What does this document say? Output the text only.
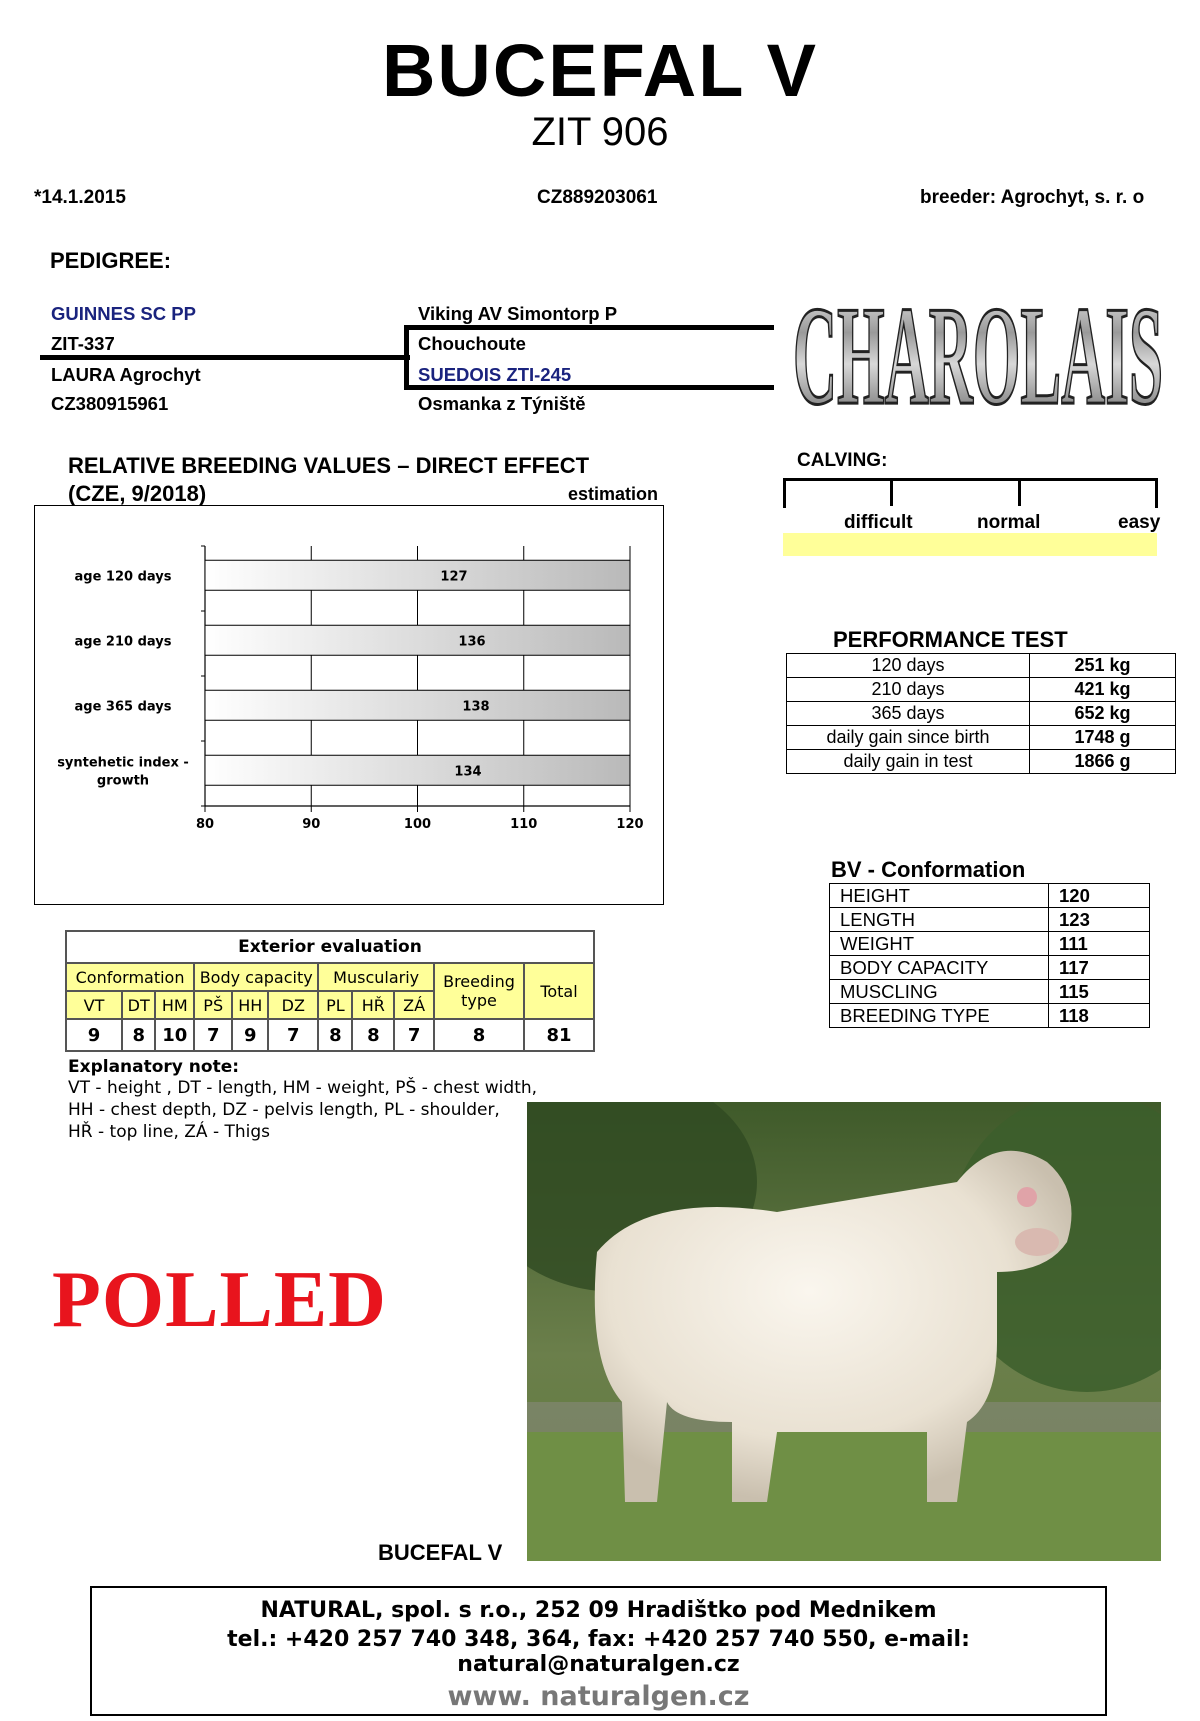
BUCEFAL V
ZIT 906
*14.1.2015	CZ889203061	breeder: Agrochyt, s. r. o
PEDIGREE:
GUINNES SC PP
ZIT-337
LAURA Agrochyt
CZ380915961
Viking AV Simontorp P
Chouchoute
SUEDOIS ZTI-245
Osmanka z Týniště CHAROLAIS
RELATIVE BREEDING VALUES – DIRECT EFFECT
(CZE, 9/2018)	estimation
80	90	100	110	120
127
age 120 days
136
age 210 days
138
age 365 days
134
syntehetic index -
growth
CALVING:
difficult	normal	easy
PERFORMANCE TEST
120 days	251 kg
210 days	421 kg
365 days	652 kg
daily gain since birth	1748 g
daily gain in test	1866 g
BV - Conformation
HEIGHT	120
LENGTH	123
WEIGHT	111
BODY CAPACITY	117
MUSCLING	115
BREEDING TYPE	118
Exterior evaluation										
Conformation			Body capacity			Musculariy			Breeding type	Total
VT	DT	HM	PŠ	HH	DZ	PL	HŘ	ZÁ		
9	8	10	7	9	7	8	8	7	8	81
Explanatory note:
VT - height , DT - length, HM - weight, PŠ - chest width,
HH - chest depth, DZ - pelvis length, PL - shoulder,
HŘ - top line, ZÁ - Thigs
POLLED
BUCEFAL V
NATURAL, spol. s r.o., 252 09 Hradištko pod Mednikem
tel.: +420 257 740 348, 364, fax: +420 257 740 550, e-mail: natural@naturalgen.cz
www. naturalgen.cz
